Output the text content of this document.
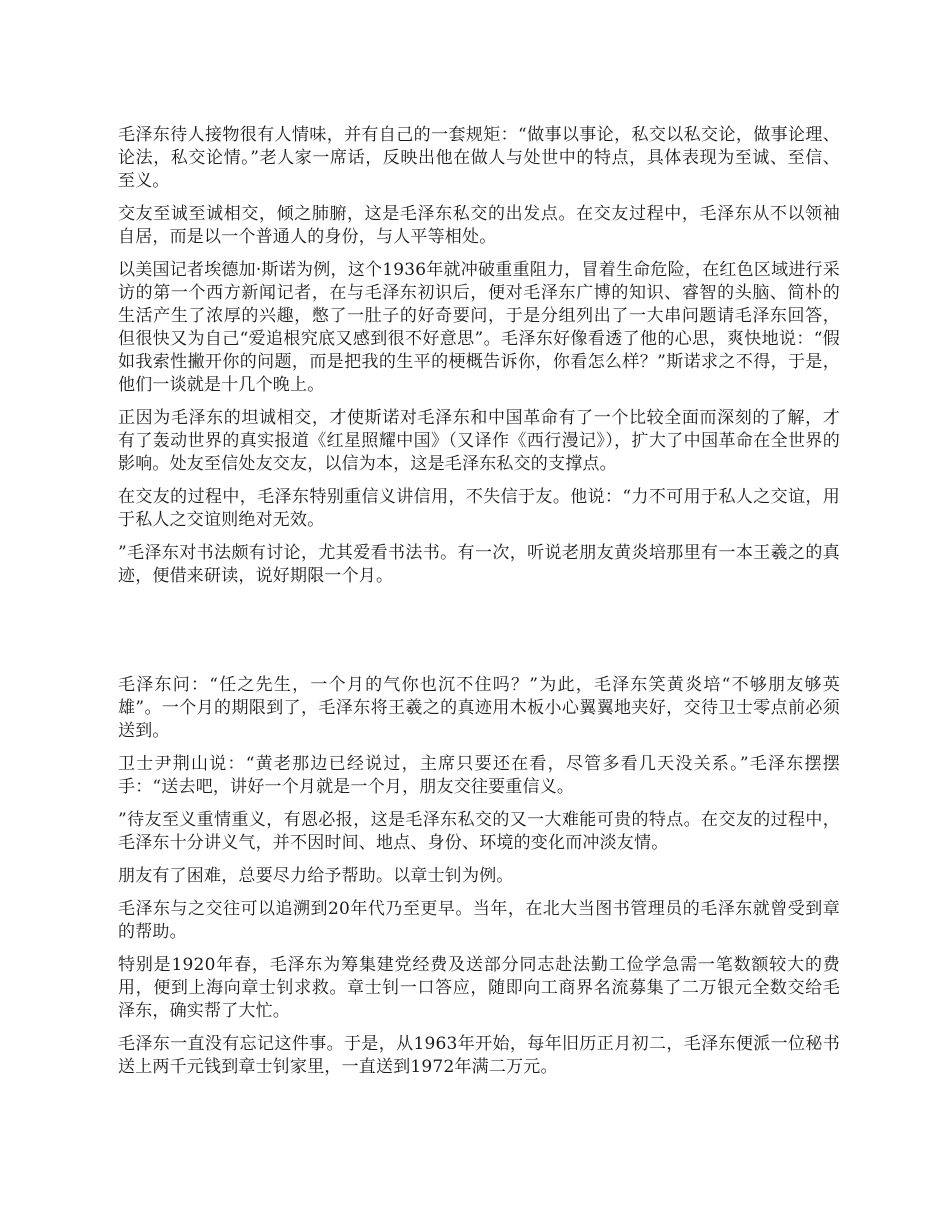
毛泽东待人接物很有人情味，并有自己的一套规矩：“做事以事论，私交以私交论，做事论理、论法，私交论情。”老人家一席话，反映出他在做人与处世中的特点，具体表现为至诚、至信、至义。

交友至诚至诚相交，倾之肺腑，这是毛泽东私交的出发点。在交友过程中，毛泽东从不以领袖自居，而是以一个普通人的身份，与人平等相处。

以美国记者埃德加·斯诺为例，这个1936年就冲破重重阻力，冒着生命危险，在红色区域进行采访的第一个西方新闻记者，在与毛泽东初识后，便对毛泽东广博的知识、睿智的头脑、简朴的生活产生了浓厚的兴趣，憋了一肚子的好奇要问，于是分组列出了一大串问题请毛泽东回答，但很快又为自己“爱追根究底又感到很不好意思”。毛泽东好像看透了他的心思，爽快地说：“假如我索性撇开你的问题，而是把我的生平的梗概告诉你，你看怎么样？”斯诺求之不得，于是，他们一谈就是十几个晚上。

正因为毛泽东的坦诚相交，才使斯诺对毛泽东和中国革命有了一个比较全面而深刻的了解，才有了轰动世界的真实报道《红星照耀中国》（又译作《西行漫记》），扩大了中国革命在全世界的影响。处友至信处友交友，以信为本，这是毛泽东私交的支撑点。

在交友的过程中，毛泽东特别重信义讲信用，不失信于友。他说：“力不可用于私人之交谊，用于私人之交谊则绝对无效。

”毛泽东对书法颇有讨论，尤其爱看书法书。有一次，听说老朋友黄炎培那里有一本王羲之的真迹，便借来研读，说好期限一个月。

毛泽东问：“任之先生，一个月的气你也沉不住吗？”为此，毛泽东笑黄炎培“不够朋友够英雄”。一个月的期限到了，毛泽东将王羲之的真迹用木板小心翼翼地夹好，交待卫士零点前必须送到。

卫士尹荆山说：“黄老那边已经说过，主席只要还在看，尽管多看几天没关系。”毛泽东摆摆手：“送去吧，讲好一个月就是一个月，朋友交往要重信义。

”待友至义重情重义，有恩必报，这是毛泽东私交的又一大难能可贵的特点。在交友的过程中，毛泽东十分讲义气，并不因时间、地点、身份、环境的变化而冲淡友情。

朋友有了困难，总要尽力给予帮助。以章士钊为例。

毛泽东与之交往可以追溯到20年代乃至更早。当年，在北大当图书管理员的毛泽东就曾受到章的帮助。

特别是1920年春，毛泽东为筹集建党经费及送部分同志赴法勤工俭学急需一笔数额较大的费用，便到上海向章士钊求救。章士钊一口答应，随即向工商界名流募集了二万银元全数交给毛泽东，确实帮了大忙。

毛泽东一直没有忘记这件事。于是，从1963年开始，每年旧历正月初二，毛泽东便派一位秘书送上两千元钱到章士钊家里，一直送到1972年满二万元。
